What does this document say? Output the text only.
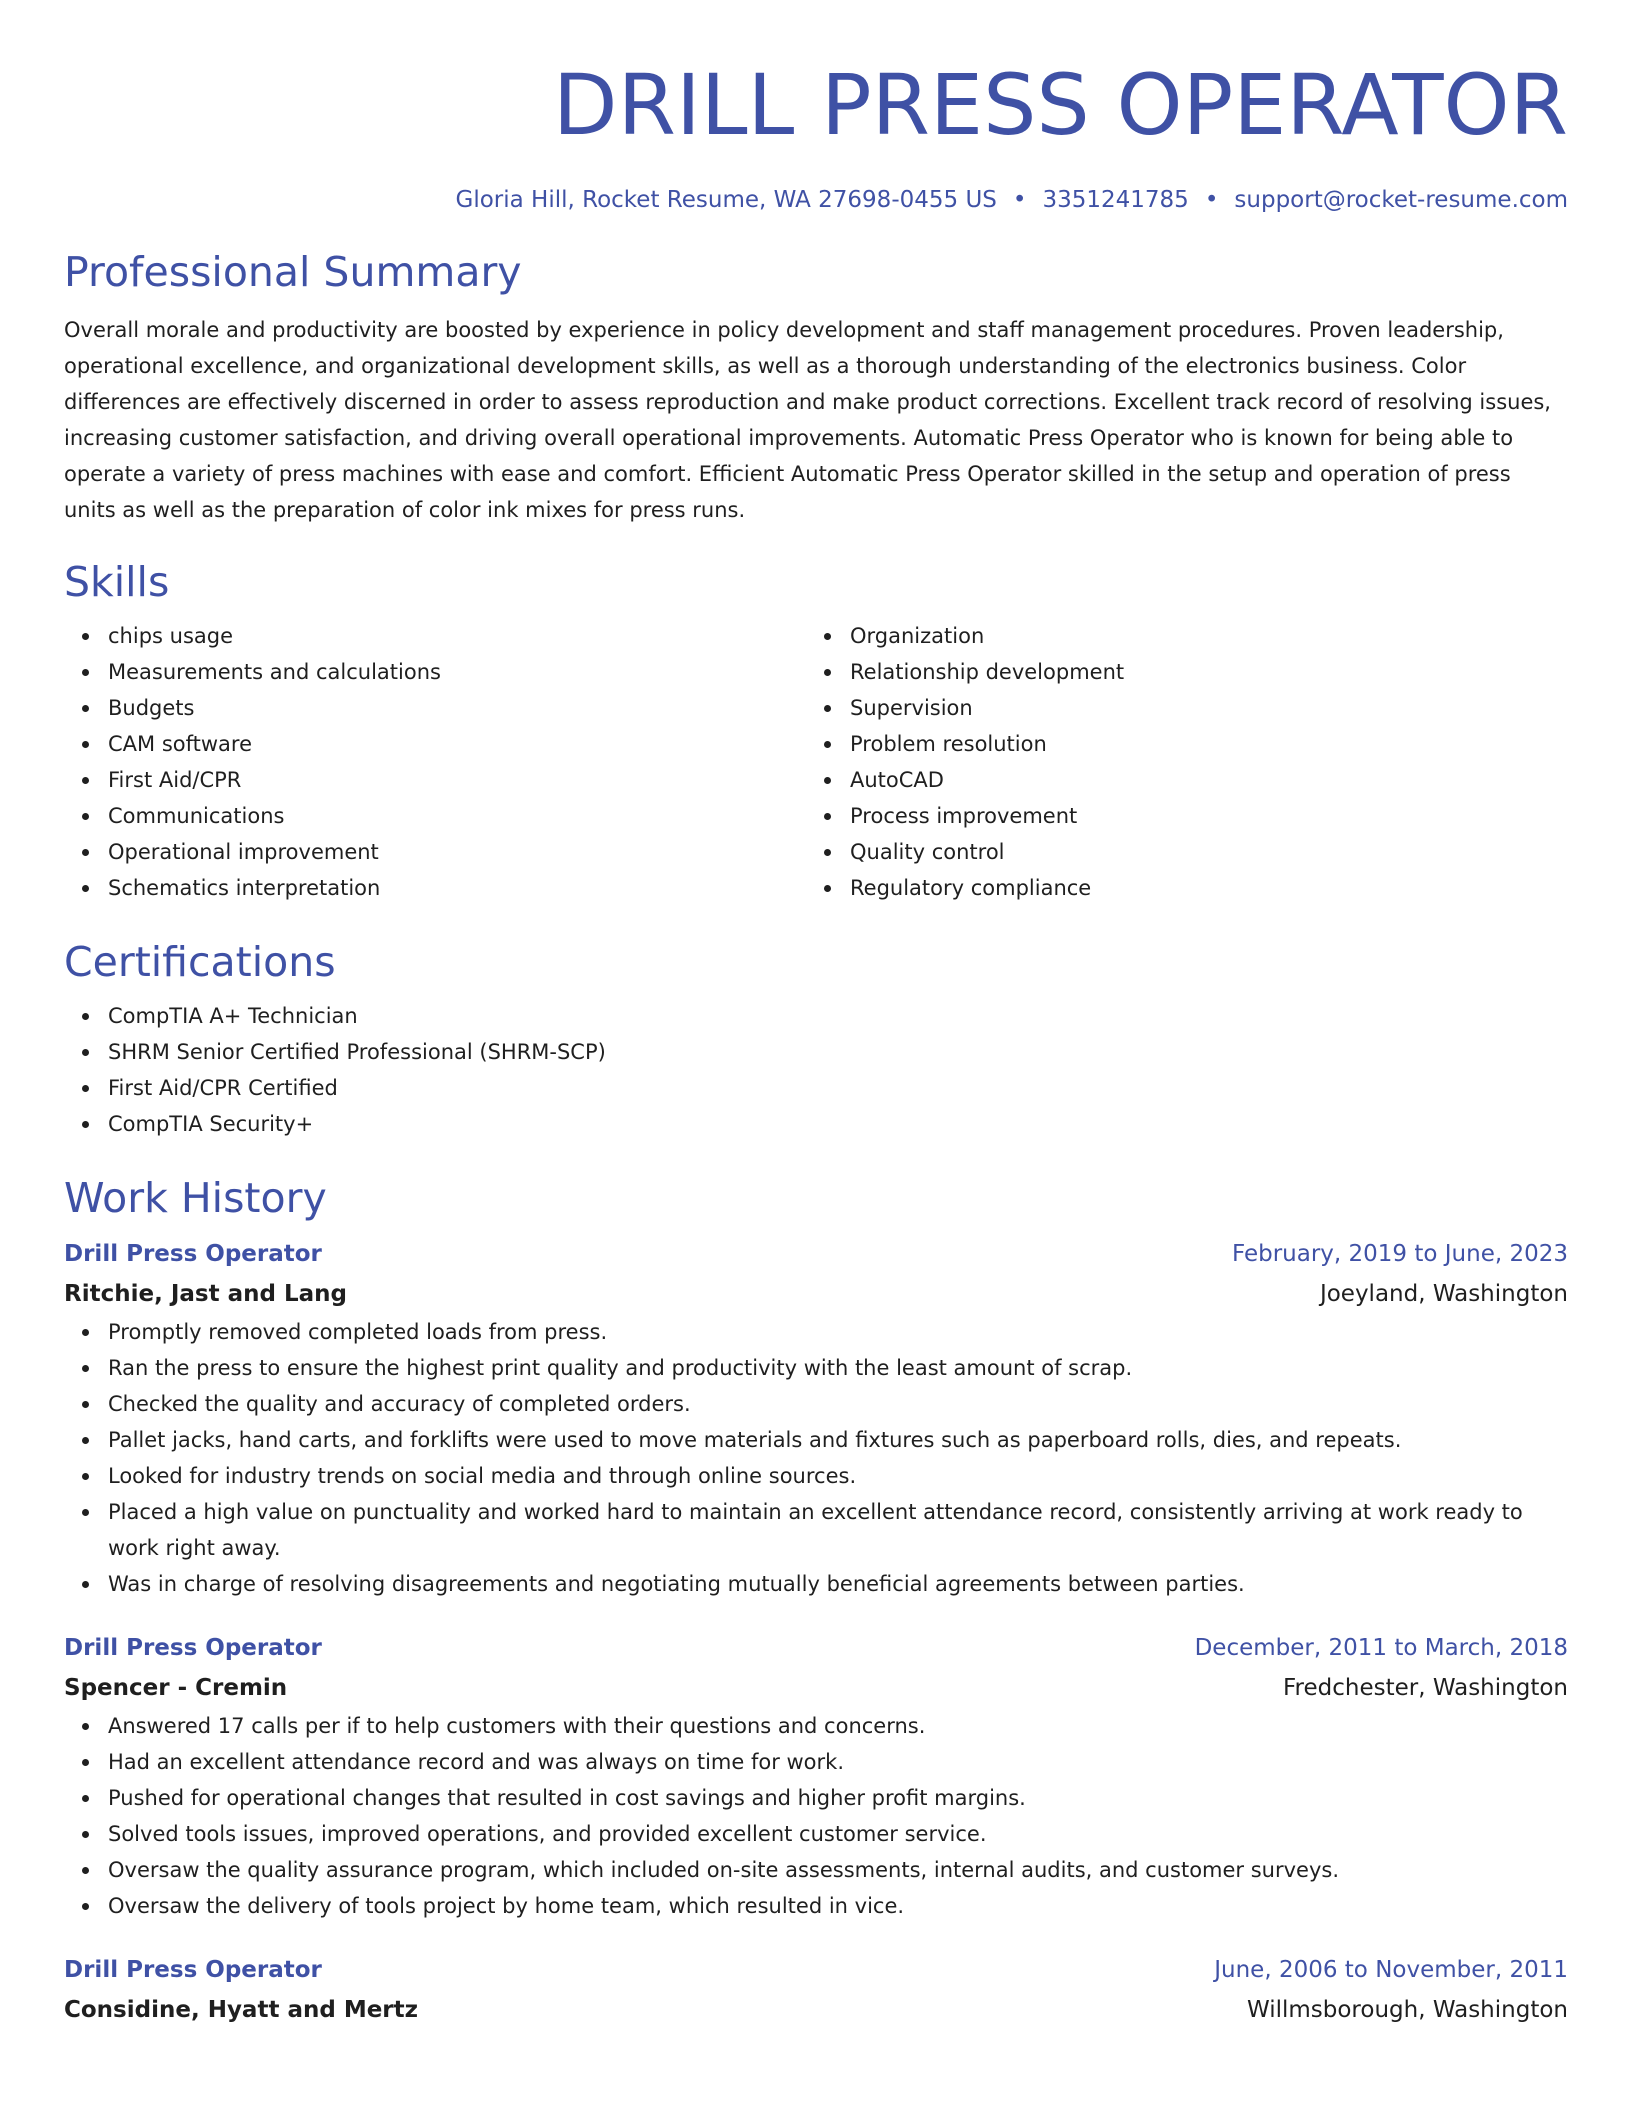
DRILL PRESS OPERATOR
Gloria Hill, Rocket Resume, WA 27698-0455 US • 3351241785 • support@rocket-resume.com
Professional Summary

Overall morale and productivity are boosted by experience in policy development and staff management procedures. Proven leadership, operational excellence, and organizational development skills, as well as a thorough understanding of the electronics business. Color differences are effectively discerned in order to assess reproduction and make product corrections. Excellent track record of resolving issues, increasing customer satisfaction, and driving overall operational improvements. Automatic Press Operator who is known for being able to operate a variety of press machines with ease and comfort. Efficient Automatic Press Operator skilled in the setup and operation of press units as well as the preparation of color ink mixes for press runs.

Skills
chips usage
Measurements and calculations
Budgets
CAM software
First Aid/CPR
Communications
Operational improvement
Schematics interpretation
Organization
Relationship development
Supervision
Problem resolution
AutoCAD
Process improvement
Quality control
Regulatory compliance
Certifications
CompTIA A+ Technician
SHRM Senior Certified Professional (SHRM-SCP)
First Aid/CPR Certified
CompTIA Security+
Work History
Drill Press Operator	February, 2019 to June, 2023
Ritchie, Jast and Lang	Joeyland, Washington
Promptly removed completed loads from press.
Ran the press to ensure the highest print quality and productivity with the least amount of scrap.
Checked the quality and accuracy of completed orders.
Pallet jacks, hand carts, and forklifts were used to move materials and fixtures such as paperboard rolls, dies, and repeats.
Looked for industry trends on social media and through online sources.
Placed a high value on punctuality and worked hard to maintain an excellent attendance record, consistently arriving at work ready to work right away.
Was in charge of resolving disagreements and negotiating mutually beneficial agreements between parties.
Drill Press Operator	December, 2011 to March, 2018
Spencer - Cremin	Fredchester, Washington
Answered 17 calls per if to help customers with their questions and concerns.
Had an excellent attendance record and was always on time for work.
Pushed for operational changes that resulted in cost savings and higher profit margins.
Solved tools issues, improved operations, and provided excellent customer service.
Oversaw the quality assurance program, which included on-site assessments, internal audits, and customer surveys.
Oversaw the delivery of tools project by home team, which resulted in vice.
Drill Press Operator	June, 2006 to November, 2011
Considine, Hyatt and Mertz	Willmsborough, Washington
